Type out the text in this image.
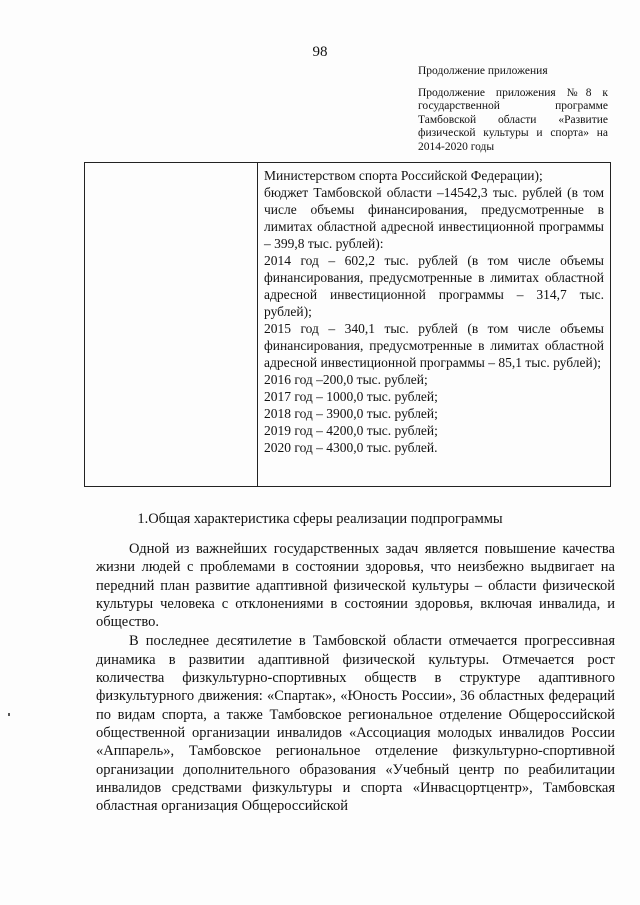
98
Продолжение приложения
Продолжение приложения №8 к государственной программе Тамбовской области «Развитие физической культуры и спорта» на 2014-2020 годы
Министерством спорта Российской Федерации);
бюджет Тамбовской области –14542,3 тыс. рублей (в том числе объемы финансирования, предусмотренные в лимитах областной адресной инвестиционной программы – 399,8 тыс. рублей):
2014 год – 602,2 тыс. рублей (в том числе объемы финансирования, предусмотренные в лимитах областной адресной инвестиционной программы – 314,7 тыс. рублей);
2015 год – 340,1 тыс. рублей (в том числе объемы финансирования, предусмотренные в лимитах областной адресной инвестиционной программы – 85,1 тыс. рублей);
2016 год –200,0 тыс. рублей;
2017 год – 1000,0 тыс. рублей;
2018 год – 3900,0 тыс. рублей;
2019 год – 4200,0 тыс. рублей;
2020 год – 4300,0 тыс. рублей.
1.Общая характеристика сферы реализации подпрограммы

Одной из важнейших государственных задач является повышение качества жизни людей с проблемами в состоянии здоровья, что неизбежно выдвигает на передний план развитие адаптивной физической культуры – области физической культуры человека с отклонениями в состоянии здоровья, включая инвалида, и общество.

В последнее десятилетие в Тамбовской области отмечается прогрессивная динамика в развитии адаптивной физической культуры. Отмечается рост количества физкультурно-спортивных обществ в структуре адаптивного физкультурного движения: «Спартак», «Юность России», 36 областных федераций по видам спорта, а также Тамбовское региональное отделение Общероссийской общественной организации инвалидов «Ассоциация молодых инвалидов России «Аппарель», Тамбовское региональное отделение физкультурно-спортивной организации дополнительного образования «Учебный центр по реабилитации инвалидов средствами физкультуры и спорта «Инвасцортцентр», Тамбовская областная организация Общероссийской
